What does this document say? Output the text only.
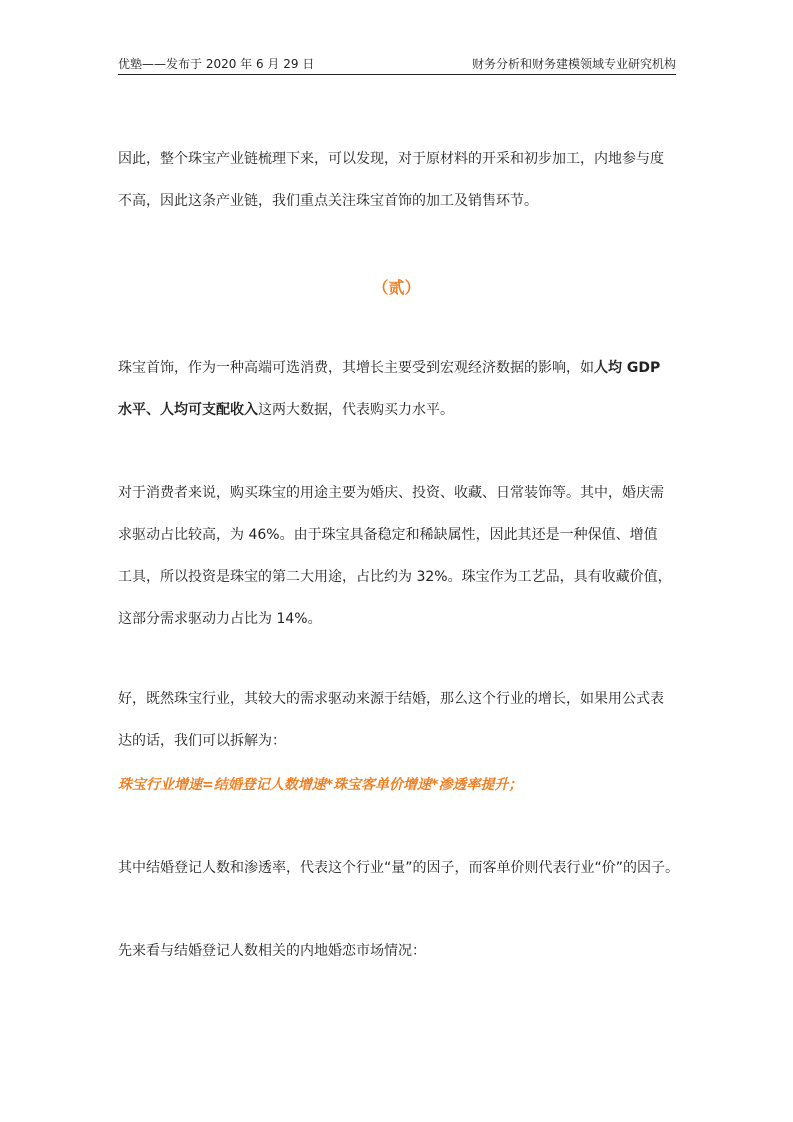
优塾——发布于 2020 年 6 月 29 日	财务分析和财务建模领域专业研究机构
因此，整个珠宝产业链梳理下来，可以发现，对于原材料的开采和初步加工，内地参与度
不高，因此这条产业链，我们重点关注珠宝首饰的加工及销售环节。
（贰）
珠宝首饰，作为一种高端可选消费，其增长主要受到宏观经济数据的影响，如人均 GDP
水平、人均可支配收入这两大数据，代表购买力水平。
对于消费者来说，购买珠宝的用途主要为婚庆、投资、收藏、日常装饰等。其中，婚庆需
求驱动占比较高，为 46%。由于珠宝具备稳定和稀缺属性，因此其还是一种保值、增值
工具，所以投资是珠宝的第二大用途，占比约为 32%。珠宝作为工艺品，具有收藏价值，
这部分需求驱动力占比为 14%。
好，既然珠宝行业，其较大的需求驱动来源于结婚，那么这个行业的增长，如果用公式表
达的话，我们可以拆解为：
珠宝行业增速=结婚登记人数增速*珠宝客单价增速*渗透率提升；
其中结婚登记人数和渗透率，代表这个行业“量”的因子，而客单价则代表行业“价”的因子。
先来看与结婚登记人数相关的内地婚恋市场情况：
